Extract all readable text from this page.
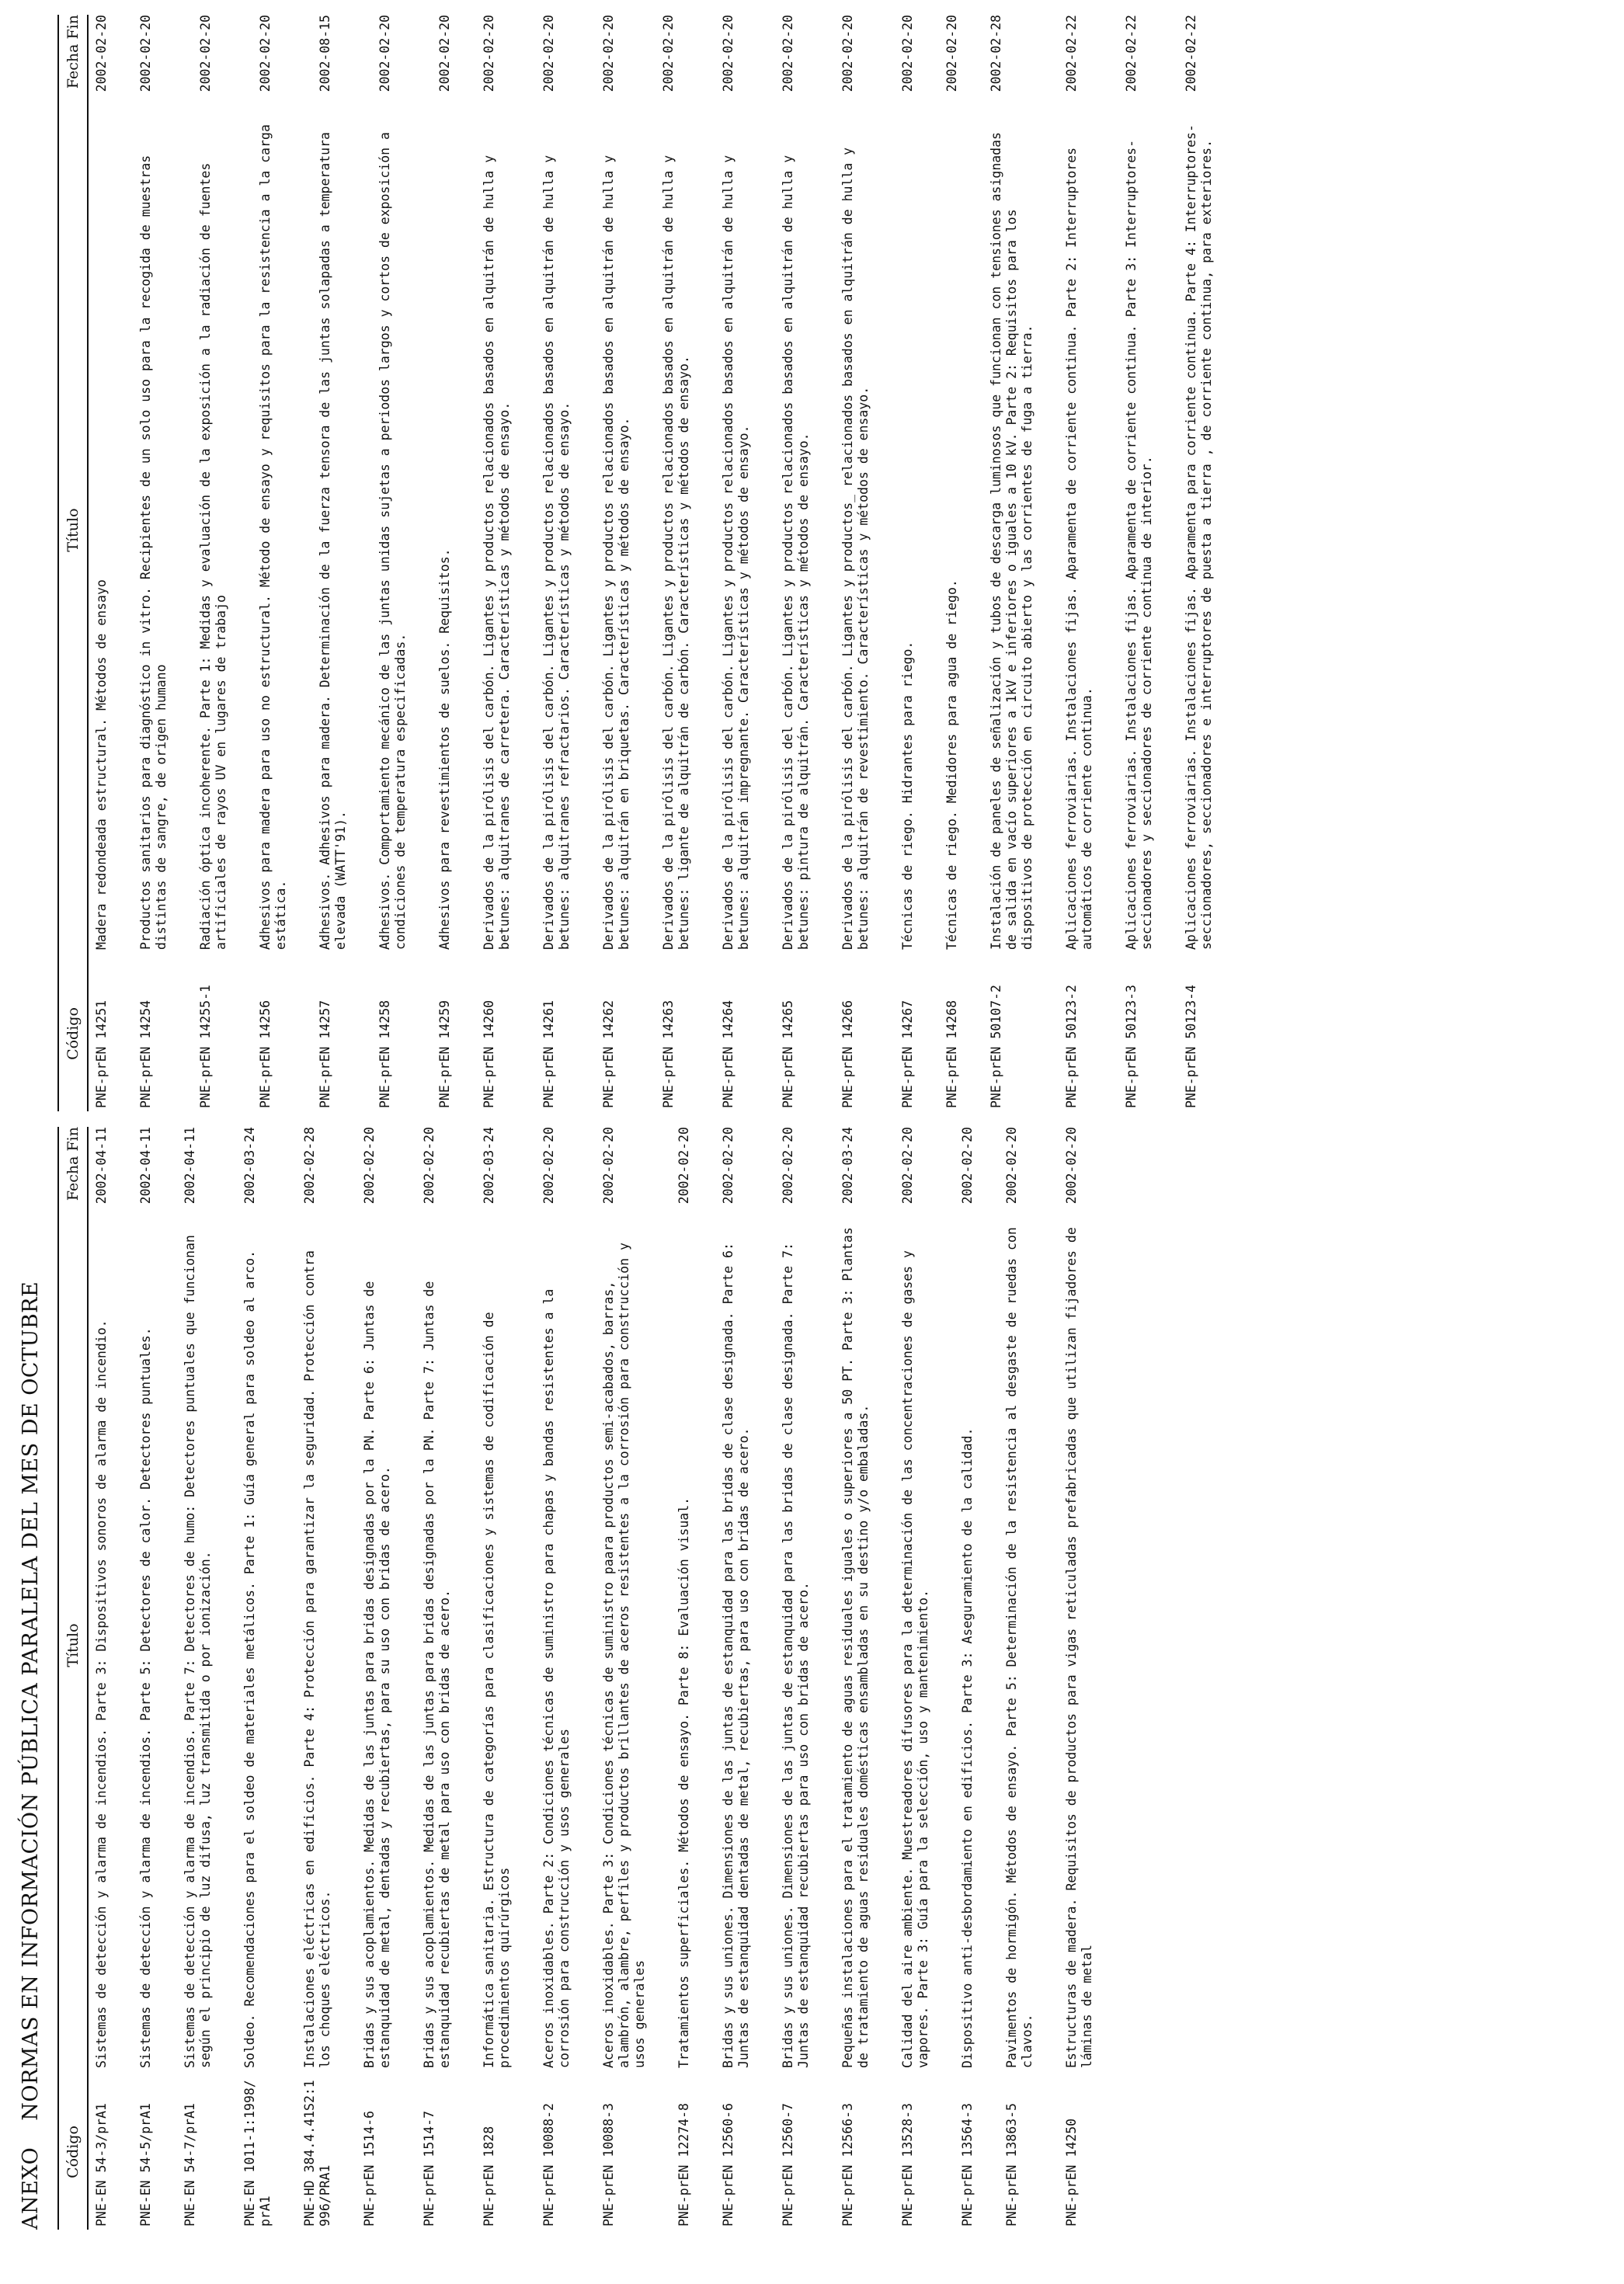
ANEXONORMAS EN INFORMACIÓN PÚBLICA PARALELA DEL MES DE OCTUBRE
Código
Título
Fecha Fin
PNE-EN 54-3/prA1
Sistemas de detección y alarma de incendios. Parte 3: Dispositivos sonoros de alarma de incendio.
2002-04-11
PNE-EN 54-5/prA1
Sistemas de detección y alarma de incendios. Parte 5: Detectores de calor. Detectores puntuales.
2002-04-11
PNE-EN 54-7/prA1
Sistemas de detección y alarma de incendios. Parte 7: Detectores de humo: Detectores puntuales que funcionan según el principio de luz difusa, luz transmitida o por ionización.
2002-04-11
PNE-EN 1011-1:1998/prA1
Soldeo. Recomendaciones para el soldeo de materiales metálicos. Parte 1: Guía general para soldeo al arco.
2002-03-24
PNE-HD 384.4.41S2:1996/PRA1
Instalaciones eléctricas en edificios. Parte 4: Protección para garantizar la seguridad. Protección contra los choques eléctricos.
2002-02-28
PNE-prEN 1514-6
Bridas y sus acoplamientos. Medidas de las juntas para bridas designadas por la PN. Parte 6: Juntas de estanquidad de metal, dentadas y recubiertas, para su uso con bridas de acero.
2002-02-20
PNE-prEN 1514-7
Bridas y sus acoplamientos. Medidas de las juntas para bridas designadas por la PN. Parte 7: Juntas de estanquidad recubiertas de metal para uso con bridas de acero.
2002-02-20
PNE-prEN 1828
Informática sanitaria. Estructura de categorías para clasificaciones y sistemas de codificación de procedimientos quirúrgicos
2002-03-24
PNE-prEN 10088-2
Aceros inoxidables. Parte 2: Condiciones técnicas de suministro para chapas y bandas resistentes a la corrosión para construcción y usos generales
2002-02-20
PNE-prEN 10088-3
Aceros inoxidables. Parte 3: Condiciones técnicas de suministro paara productos semi-acabados, barras, alambrón, alambre, perfiles y productos brillantes de aceros resistentes a la corrosión para construcción y usos generales
2002-02-20
PNE-prEN 12274-8
Tratamientos superficiales. Métodos de ensayo. Parte 8: Evaluación visual.
2002-02-20
PNE-prEN 12560-6
Bridas y sus uniones. Dimensiones de las juntas de estanquidad para las bridas de clase designada. Parte 6: Juntas de estanquidad dentadas de metal, recubiertas, para uso con bridas de acero.
2002-02-20
PNE-prEN 12560-7
Bridas y sus uniones. Dimensiones de las juntas de estanquidad para las bridas de clase designada. Parte 7: Juntas de estanquidad recubiertas para uso con bridas de acero.
2002-02-20
PNE-prEN 12566-3
Pequeñas instalaciones para el tratamiento de aguas residuales iguales o superiores a 50 PT. Parte 3: Plantas de tratamiento de aguas residuales domésticas ensambladas en su destino y/o embaladas.
2002-03-24
PNE-prEN 13528-3
Calidad del aire ambiente. Muestreadores difusores para la determinación de las concentraciones de gases y vapores. Parte 3: Guía para la selección, uso y mantenimiento.
2002-02-20
PNE-prEN 13564-3
Dispositivo anti-desbordamiento en edificios. Parte 3: Aseguramiento de la calidad.
2002-02-20
PNE-prEN 13863-5
Pavimentos de hormigón. Métodos de ensayo. Parte 5: Determinación de la resistencia al desgaste de ruedas con clavos.
2002-02-20
PNE-prEN 14250
Estructuras de madera. Requisitos de productos para vigas reticuladas prefabricadas que utilizan fijadores de láminas de metal
2002-02-20
Código
Título
Fecha Fin
PNE-prEN 14251
Madera redondeada estructural. Métodos de ensayo
2002-02-20
PNE-prEN 14254
Productos sanitarios para diagnóstico in vitro. Recipientes de un solo uso para la recogida de muestras distintas de sangre, de origen humano
2002-02-20
PNE-prEN 14255-1
Radiación óptica incoherente. Parte 1: Medidas y evaluación de la exposición a la radiación de fuentes artificiales de rayos UV en lugares de trabajo
2002-02-20
PNE-prEN 14256
Adhesivos para madera para uso no estructural. Método de ensayo y requisitos para la resistencia a la carga estática.
2002-02-20
PNE-prEN 14257
Adhesivos. Adhesivos para madera. Determinación de la fuerza tensora de las juntas solapadas a temperatura elevada (WATT'91).
2002-08-15
PNE-prEN 14258
Adhesivos. Comportamiento mecánico de las juntas unidas sujetas a periodos largos y cortos de exposición a condiciones de temperatura especificadas.
2002-02-20
PNE-prEN 14259
Adhesivos para revestimientos de suelos. Requisitos.
2002-02-20
PNE-prEN 14260
Derivados de la pirólisis del carbón. Ligantes y productos relacionados basados en alquitrán de hulla y betunes: alquitranes de carretera. Características y métodos de ensayo.
2002-02-20
PNE-prEN 14261
Derivados de la pirólisis del carbón. Ligantes y productos relacionados basados en alquitrán de hulla y betunes: alquitranes refractarios. Características y métodos de ensayo.
2002-02-20
PNE-prEN 14262
Derivados de la pirólisis del carbón. Ligantes y productos relacionados basados en alquitrán de hulla y betunes: alquitrán en briquetas. Características y métodos de ensayo.
2002-02-20
PNE-prEN 14263
Derivados de la pirólisis del carbón. Ligantes y productos relacionados basados en alquitrán de hulla y betunes: ligante de alquitrán de carbón. Características y métodos de ensayo.
2002-02-20
PNE-prEN 14264
Derivados de la pirólisis del carbón. Ligantes y productos relacionados basados en alquitrán de hulla y betunes: alquitrán impregnante. Características y métodos de ensayo.
2002-02-20
PNE-prEN 14265
Derivados de la pirólisis del carbón. Ligantes y productos relacionados basados en alquitrán de hulla y betunes: pintura de alquitrán. Características y métodos de ensayo.
2002-02-20
PNE-prEN 14266
Derivados de la pirólisis del carbón. Ligantes y productos_ relacionados basados en alquitrán de hulla y betunes: alquitrán de revestimiento. Características y métodos de ensayo.
2002-02-20
PNE-prEN 14267
Técnicas de riego. Hidrantes para riego.
2002-02-20
PNE-prEN 14268
Técnicas de riego. Medidores para agua de riego.
2002-02-20
PNE-prEN 50107-2
Instalación de paneles de señalización y tubos de descarga luminosos que funcionan con tensiones asignadas de salida en vacío superiores a 1kV e inferiores o iguales a 10 kV. Parte 2: Requisitos para los dispositivos de protección en circuito abierto y las corrientes de fuga a tierra.
2002-02-28
PNE-prEN 50123-2
Aplicaciones ferroviarias. Instalaciones fijas. Aparamenta de corriente continua. Parte 2: Interruptores automáticos de corriente continua.
2002-02-22
PNE-prEN 50123-3
Aplicaciones ferroviarias. Instalaciones fijas. Aparamenta de corriente continua. Parte 3: Interruptores-seccionadores y seccionadores de corriente continua de interior.
2002-02-22
PNE-prEN 50123-4
Aplicaciones ferroviarias. Instalaciones fijas. Aparamenta para corriente continua. Parte 4: Interruptores-seccionadores, seccionadores e interruptores de puesta a tierra , de corriente continua, para exteriores.
2002-02-22
